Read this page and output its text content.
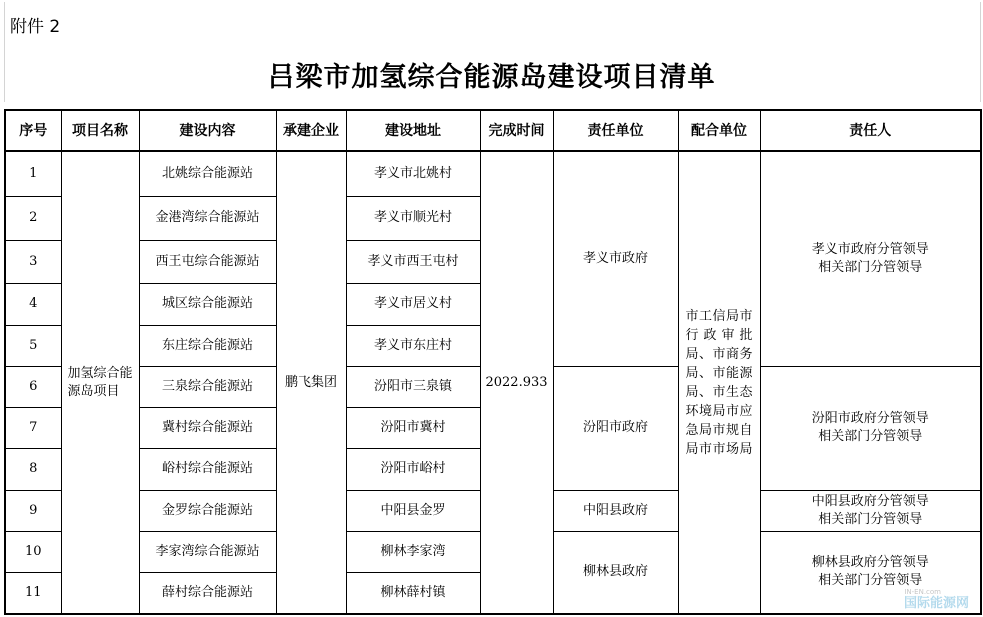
附件 2
吕梁市加氢综合能源岛建设项目清单
序号	项目名称	建设内容	承建企业	建设地址	完成时间	责任单位	配合单位	责任人
1	加氢综合能源岛项目	北姚综合能源站	鹏飞集团	孝义市北姚村	2022.933	孝义市政府	市工信局市行政审批局、市商务局、市能源局、市生态环境局市应急局市规自局市市场局	孝义市政府分管领导
相关部门分管领导

2		金港湾综合能源站		孝义市顺光村				
3		西王屯综合能源站		孝义市西王屯村				
4		城区综合能源站		孝义市居义村				
5		东庄综合能源站		孝义市东庄村				
6		三泉综合能源站		汾阳市三泉镇		汾阳市政府		汾阳市政府分管领导
相关部门分管领导

7		冀村综合能源站		汾阳市冀村				
8		峪村综合能源站		汾阳市峪村				
9		金罗综合能源站		中阳县金罗		中阳县政府		中阳县政府分管领导
相关部门分管领导

10		李家湾综合能源站		柳林李家湾		柳林县政府		柳林县政府分管领导
相关部门分管领导

11		薛村综合能源站		柳林薛村镇					IN-EN.com
国际能源网
